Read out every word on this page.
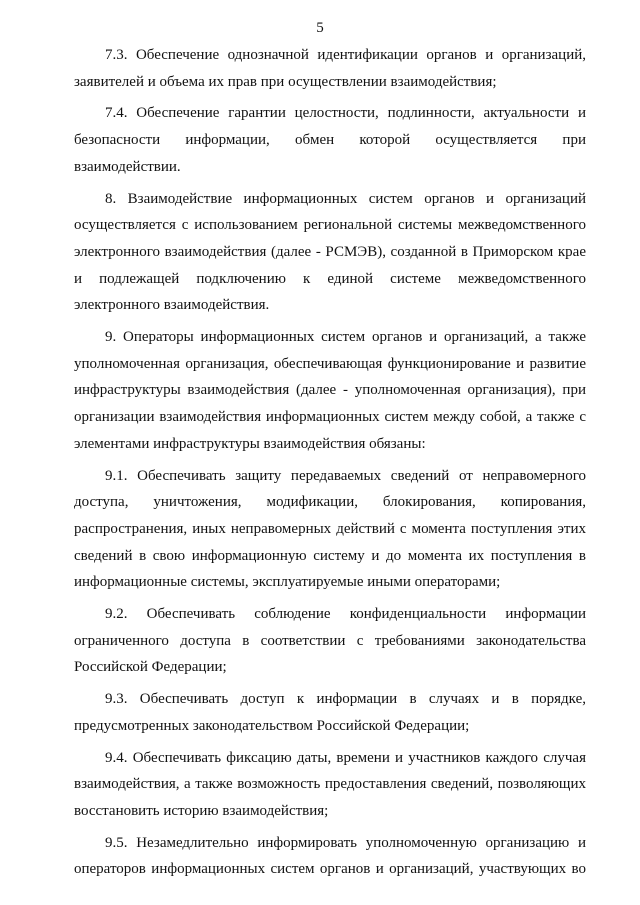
5

7.3. Обеспечение однозначной идентификации органов и организаций, заявителей и объема их прав при осуществлении взаимодействия;

7.4. Обеспечение гарантии целостности, подлинности, актуальности и безопасности информации, обмен которой осуществляется при взаимодействии.

8. Взаимодействие информационных систем органов и организаций осуществляется с использованием региональной системы межведомственного электронного взаимодействия (далее - РСМЭВ), созданной в Приморском крае и подлежащей подключению к единой системе межведомственного электронного взаимодействия.

9. Операторы информационных систем органов и организаций, а также уполномоченная организация, обеспечивающая функционирование и развитие инфраструктуры взаимодействия (далее - уполномоченная организация), при организации взаимодействия информационных систем между собой, а также с элементами инфраструктуры взаимодействия обязаны:

9.1. Обеспечивать защиту передаваемых сведений от неправомерного доступа, уничтожения, модификации, блокирования, копирования, распространения, иных неправомерных действий с момента поступления этих сведений в свою информационную систему и до момента их поступления в информационные системы, эксплуатируемые иными операторами;

9.2. Обеспечивать соблюдение конфиденциальности информации ограниченного доступа в соответствии с требованиями законодательства Российской Федерации;

9.3. Обеспечивать доступ к информации в случаях и в порядке, предусмотренных законодательством Российской Федерации;

9.4. Обеспечивать фиксацию даты, времени и участников каждого случая взаимодействия, а также возможность предоставления сведений, позволяющих восстановить историю взаимодействия;

9.5. Незамедлительно информировать уполномоченную организацию и операторов информационных систем органов и организаций, участвующих во
